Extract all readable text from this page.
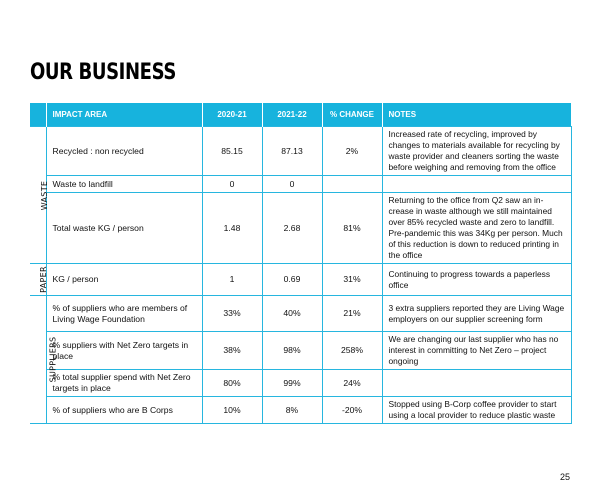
OUR BUSINESS
	IMPACT AREA	2020-21	2021-22	% CHANGE	NOTES
WASTE	Recycled : non recycled	85.15	87.13	2%	Increased rate of recycling, improved by changes to materials available for recycling by waste provider and cleaners sorting the waste before weighing and removing from the office
	Waste to landfill	0	0		
	Total waste KG / person	1.48	2.68	81%	Returning to the office from Q2 saw an in-crease in waste although we still maintained over 85% recycled waste and zero to landfill. Pre-pandemic this was 34Kg per person. Much of this reduction is down to reduced printing in the office
PAPER	KG / person	1	0.69	31%	Continuing to progress towards a paperless office
SUPPLIERS	% of suppliers who are members of Living Wage Foundation	33%	40%	21%	3 extra suppliers reported they are Living Wage employers on our supplier screening form
	% suppliers with Net Zero targets in place	38%	98%	258%	We are changing our last supplier who has no interest in committing to Net Zero – project ongoing
	% total supplier spend with Net Zero targets in place	80%	99%	24%	
	% of suppliers who are B Corps	10%	8%	-20%	Stopped using B-Corp coffee provider to start using a local provider to reduce plastic waste
25
